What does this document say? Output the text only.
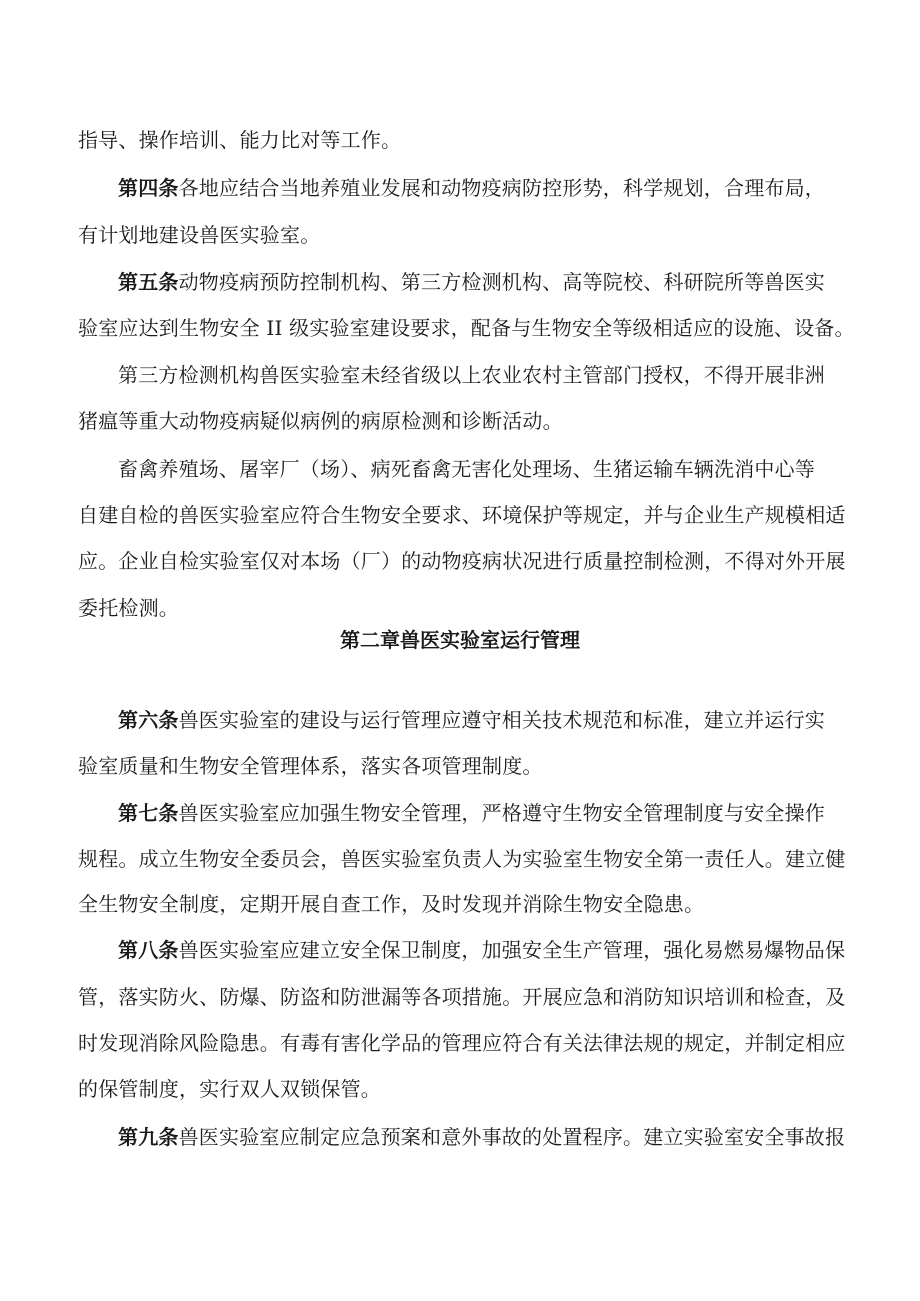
指导、操作培训、能力比对等工作。
第四条各地应结合当地养殖业发展和动物疫病防控形势，科学规划，合理布局，
有计划地建设兽医实验室。
第五条动物疫病预防控制机构、第三方检测机构、高等院校、科研院所等兽医实
验室应达到生物安全 II 级实验室建设要求，配备与生物安全等级相适应的设施、设备。
第三方检测机构兽医实验室未经省级以上农业农村主管部门授权，不得开展非洲
猪瘟等重大动物疫病疑似病例的病原检测和诊断活动。
畜禽养殖场、屠宰厂（场）、病死畜禽无害化处理场、生猪运输车辆洗消中心等
自建自检的兽医实验室应符合生物安全要求、环境保护等规定，并与企业生产规模相适
应。企业自检实验室仅对本场（厂）的动物疫病状况进行质量控制检测，不得对外开展
委托检测。
第二章兽医实验室运行管理
第六条兽医实验室的建设与运行管理应遵守相关技术规范和标准，建立并运行实
验室质量和生物安全管理体系，落实各项管理制度。
第七条兽医实验室应加强生物安全管理，严格遵守生物安全管理制度与安全操作
规程。成立生物安全委员会，兽医实验室负责人为实验室生物安全第一责任人。建立健
全生物安全制度，定期开展自查工作，及时发现并消除生物安全隐患。
第八条兽医实验室应建立安全保卫制度，加强安全生产管理，强化易燃易爆物品保
管，落实防火、防爆、防盗和防泄漏等各项措施。开展应急和消防知识培训和检查，及
时发现消除风险隐患。有毒有害化学品的管理应符合有关法律法规的规定，并制定相应
的保管制度，实行双人双锁保管。
第九条兽医实验室应制定应急预案和意外事故的处置程序。建立实验室安全事故报
